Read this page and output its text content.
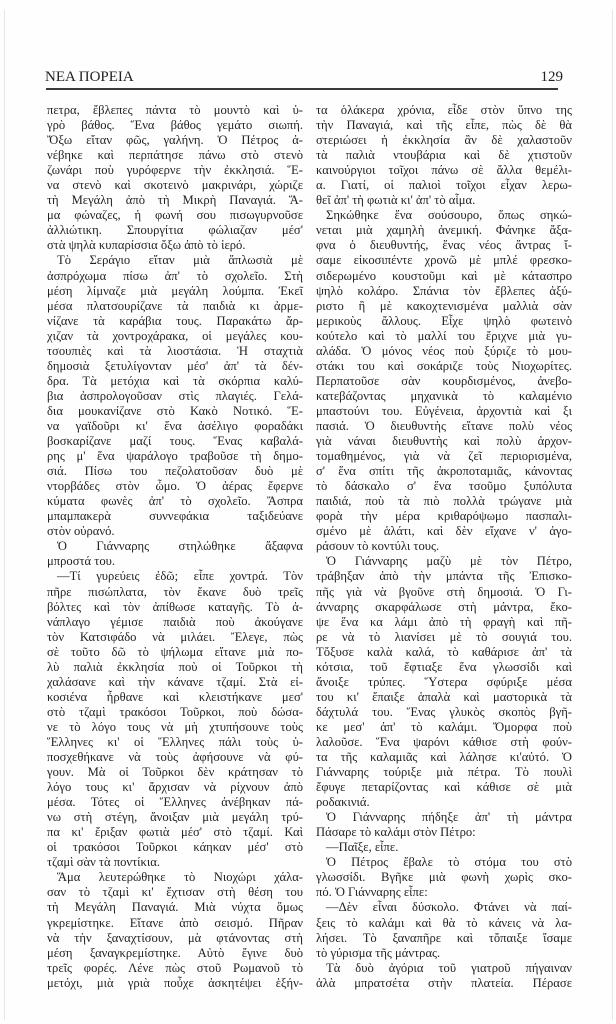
ΝΕΑ ΠΟΡΕΙΑ	129
πετρα, ἔβλεπες πάντα τὸ μουντὸ καὶ ὑ-
γρὸ βάθος. Ἕνα βάθος γεμάτο σιωπή.
Ὄξω εἴταν φῶς, γαλήνη. Ὁ Πέτρος ἀ-
νέβηκε καὶ περπάτησε πάνω στὸ στενὸ
ζωνάρι ποὺ γυρόφερνε τὴν ἐκκλησιά. Ἕ-
να στενὸ καὶ σκοτεινὸ μακρινάρι, χώριζε
τὴ Μεγάλη ἀπὸ τὴ Μικρὴ Παναγιά. Ἅ-
μα φώναζες, ἡ φωνή σου πισωγυρνοῦσε
ἀλλιώτικη. Σπουργίτια φώλιαζαν μέσ'
στὰ ψηλὰ κυπαρίσσια ὄξω ἀπὸ τὸ ἱερό.
Τὸ Σεράγιο εἴταν μιὰ ἅπλωσιὰ μὲ
ἀσπρόχωμα πίσω ἀπ' τὸ σχολεῖο. Στὴ
μέση λίμναζε μιὰ μεγάλη λούμπα. Ἐκεῖ
μέσα πλατσουρίζανε τὰ παιδιὰ κι ἀρμε-
νίζανε τὰ καράβια τους. Παρακάτω ἄρ-
χιζαν τὰ χοντροχάρακα, οἱ μεγάλες κου-
τσουπιὲς καὶ τὰ λιοστάσια. Ἡ σταχτιὰ
δημοσιὰ ξετυλίγονταν μέσ' ἀπ' τὰ δέν-
δρα. Τὰ μετόχια καὶ τὰ σκόρπια καλύ-
βια ἀσπρολογοῦσαν στὶς πλαγιές. Γελά-
δια μουκανίζανε στὸ Κακὸ Νοτικό. Ἕ-
να γαϊδοῦρι κι' ἕνα ἀσέλιγο φοραδάκι
βοσκαρίζανε μαζί τους. Ἕνας καβαλά-
ρης μ' ἕνα ψαράλογο τραβοῦσε τὴ δημο-
σιά. Πίσω του πεζολατοῦσαν δυὸ μὲ
ντορβάδες στὸν ὦμο. Ὁ ἀέρας ἔφερνε
κύματα φωνὲς ἀπ' τὸ σχολεῖο. Ἄσπρα
μπαμπακερὰ συννεφάκια ταξιδεύανε
στὸν οὐρανό.
Ὁ Γιάνναρης στηλώθηκε ἄξαφνα
μπροστά του.
—Τί γυρεύεις ἐδῶ; εἶπε χοντρά. Τὸν
πῆρε πισώπλατα, τὸν ἔκανε δυὸ τρεῖς
βόλτες καὶ τὸν ἀπίθωσε καταγῆς. Τὸ ἀ-
νάπλαγο γέμισε παιδιὰ ποὺ ἀκούγανε
τὸν Κατσιφάδο νὰ μιλάει. Ἔλεγε, πὼς
σὲ τοῦτο δῶ τὸ ψήλωμα εἴτανε μιὰ πο-
λὺ παλιὰ ἐκκλησία ποὺ οἱ Τοῦρκοι τὴ
χαλάσανε καὶ τὴν κάνανε τζαμί. Στὰ εἰ-
κοσιένα ἦρθανε καὶ κλειστήκανε μεσ'
στὸ τζαμὶ τρακόσοι Τοῦρκοι, ποὺ δώσα-
νε τὸ λόγο τους νὰ μὴ χτυπήσουνε τοὺς
Ἕλληνες κι' οἱ Ἕλληνες πάλι τοὺς ὑ-
ποσχεθήκανε νὰ τοὺς ἀφήσουνε νὰ φύ-
γουν. Μὰ οἱ Τοῦρκοι δὲν κράτησαν τὸ
λόγο τους κι' ἄρχισαν νὰ ρίχνουν ἀπὸ
μέσα. Τότες οἱ Ἕλληνες ἀνέβηκαν πά-
νω στὴ στέγη, ἄνοιξαν μιὰ μεγάλη τρύ-
πα κι' ἔριξαν φωτιὰ μέσ' στὸ τζαμί. Καὶ
οἱ τρακόσοι Τοῦρκοι κάηκαν μέσ' στὸ
τζαμὶ σὰν τὰ ποντίκια.
Ἅμα λευτερώθηκε τὸ Νιοχώρι χάλα-
σαν τὸ τζαμὶ κι' ἔχτισαν στὴ θέση του
τὴ Μεγάλη Παναγιά. Μιὰ νύχτα ὅμως
γκρεμίστηκε. Εἴτανε ἀπὸ σεισμό. Πῆραν
νὰ τὴν ξαναχτίσουν, μὰ φτάνοντας στὴ
μέση ξαναγκρεμίστηκε. Αὐτὸ ἔγινε δυὸ
τρεῖς φορές. Λένε πὼς στοῦ Ρωμανοῦ τὸ
μετόχι, μιὰ γριὰ ποὖχε ἀσκητέψει ἑξήν-
τα ὁλάκερα χρόνια, εἶδε στὸν ὕπνο της
τὴν Παναγιά, καὶ τῆς εἶπε, πὼς δὲ θὰ
στεριώσει ἡ ἐκκλησία ἂν δὲ χαλαστοῦν
τὰ παλιὰ ντουβάρια καὶ δὲ χτιστοῦν
καινούργιοι τοῖχοι πάνω σὲ ἄλλα θεμέλι-
α. Γιατί, οἱ παλιοὶ τοῖχοι εἶχαν λερω-
θεῖ ἀπ' τὴ φωτιὰ κι' ἀπ' τὸ αἷμα.
Σηκώθηκε ἕνα σούσουρο, ὅπως σηκώ-
νεται μιὰ χαμηλὴ ἀνεμική. Φάνηκε ἄξα-
φνα ὁ διευθυντής, ἕνας νέος ἄντρας ἴ-
σαμε εἰκοσιπέντε χρονῶ μὲ μπλέ φρεσκο-
σιδερωμένο κουστοῦμι καὶ μὲ κάτασπρο
ψηλὸ κολάρο. Σπάνια τὸν ἔβλεπες ἀξύ-
ριστο ἢ μὲ κακοχτενισμένα μαλλιὰ σὰν
μερικοὺς ἄλλους. Εἶχε ψηλὸ φωτεινὸ
κούτελο καὶ τὸ μαλλί του ἔριχνε μιὰ γυ-
αλάδα. Ὁ μόνος νέος ποὺ ξύριζε τὸ μου-
στάκι του καὶ σοκάριζε τοὺς Νιοχωρίτες.
Περπατοῦσε σὰν κουρδισμένος, ἀνεβο-
κατεβάζοντας μηχανικὰ τὸ καλαμένιο
μπαστούνι του. Εὐγένεια, ἀρχοντιὰ καὶ ξι
πασιά. Ὁ διευθυντὴς εἴτανε πολὺ νέος
γιὰ νάναι διευθυντὴς καὶ πολὺ ἀρχον-
τομαθημένος, γιὰ νὰ ζεῖ περιορισμένα,
σ' ἕνα σπίτι τῆς ἀκροποταμιᾶς, κάνοντας
τὸ δάσκαλο σ' ἕνα τσοῦμο ξυπόλυτα
παιδιά, ποὺ τὰ πιὸ πολλὰ τρώγανε μιὰ
φορὰ τὴν μέρα κριθαρόψωμο πασπαλι-
σμένο μὲ ἁλάτι, καὶ δὲν εἴχανε ν' ἀγο-
ράσουν τὸ κοντύλι τους.
Ὁ Γιάνναρης μαζὺ μὲ τὸν Πέτρο,
τράβηξαν ἀπὸ τὴν μπάντα τῆς Ἐπισκο-
πῆς γιὰ νὰ βγοῦνε στὴ δημοσιά. Ὁ Γι-
άνναρης σκαρφάλωσε στὴ μάντρα, ἔκο-
ψε ἕνα κα λάμι ἀπὸ τὴ φραγὴ καὶ πῆ-
ρε νὰ τὸ λιανίσει μὲ τὸ σουγιά του.
Τὄξυσε καλὰ καλά, τὸ καθάρισε ἀπ' τὰ
κότσια, τοῦ ἔφτιαξε ἕνα γλωσσίδι καὶ
ἄνοιξε τρύπες. Ὕστερα σφύριξε μέσα
του κι' ἔπαιξε ἁπαλὰ καὶ μαστορικὰ τὰ
δάχτυλά του. Ἕνας γλυκὸς σκοπὸς βγῆ-
κε μεσ' ἀπ' τὸ καλάμι. Ὄμορφα ποὺ
λαλοῦσε. Ἕνα ψαρόνι κάθισε στὴ φούν-
τα τῆς καλαμιᾶς καὶ λάλησε κι'αὐτό. Ὁ
Γιάνναρης τούριξε μιὰ πέτρα. Τὸ πουλὶ
ἔφυγε πεταρίζοντας καὶ κάθισε σὲ μιὰ
ροδακινιά.
Ὁ Γιάνναρης πήδηξε ἀπ' τὴ μάντρα
Πάσαρε τὸ καλάμι στὸν Πέτρο:
—Παῖξε, εἶπε.
Ὁ Πέτρος ἔβαλε τὸ στόμα του στὸ
γλωσσίδι. Βγῆκε μιὰ φωνὴ χωρὶς σκο-
πό. Ὁ Γιάνναρης εἶπε:
—Δὲν εἶναι δύσκολο. Φτάνει νὰ παί-
ξεις τὸ καλάμι καὶ θὰ τὸ κάνεις νὰ λα-
λήσει. Τὸ ξαναπῆρε καὶ τὄπαιξε ἴσαμε
τὸ γύρισμα τῆς μάντρας.
Τὰ δυὸ ἀγόρια τοῦ γιατροῦ πήγαιναν
ἀλὰ μπρατσέτα στὴν πλατεία. Πέρασε
